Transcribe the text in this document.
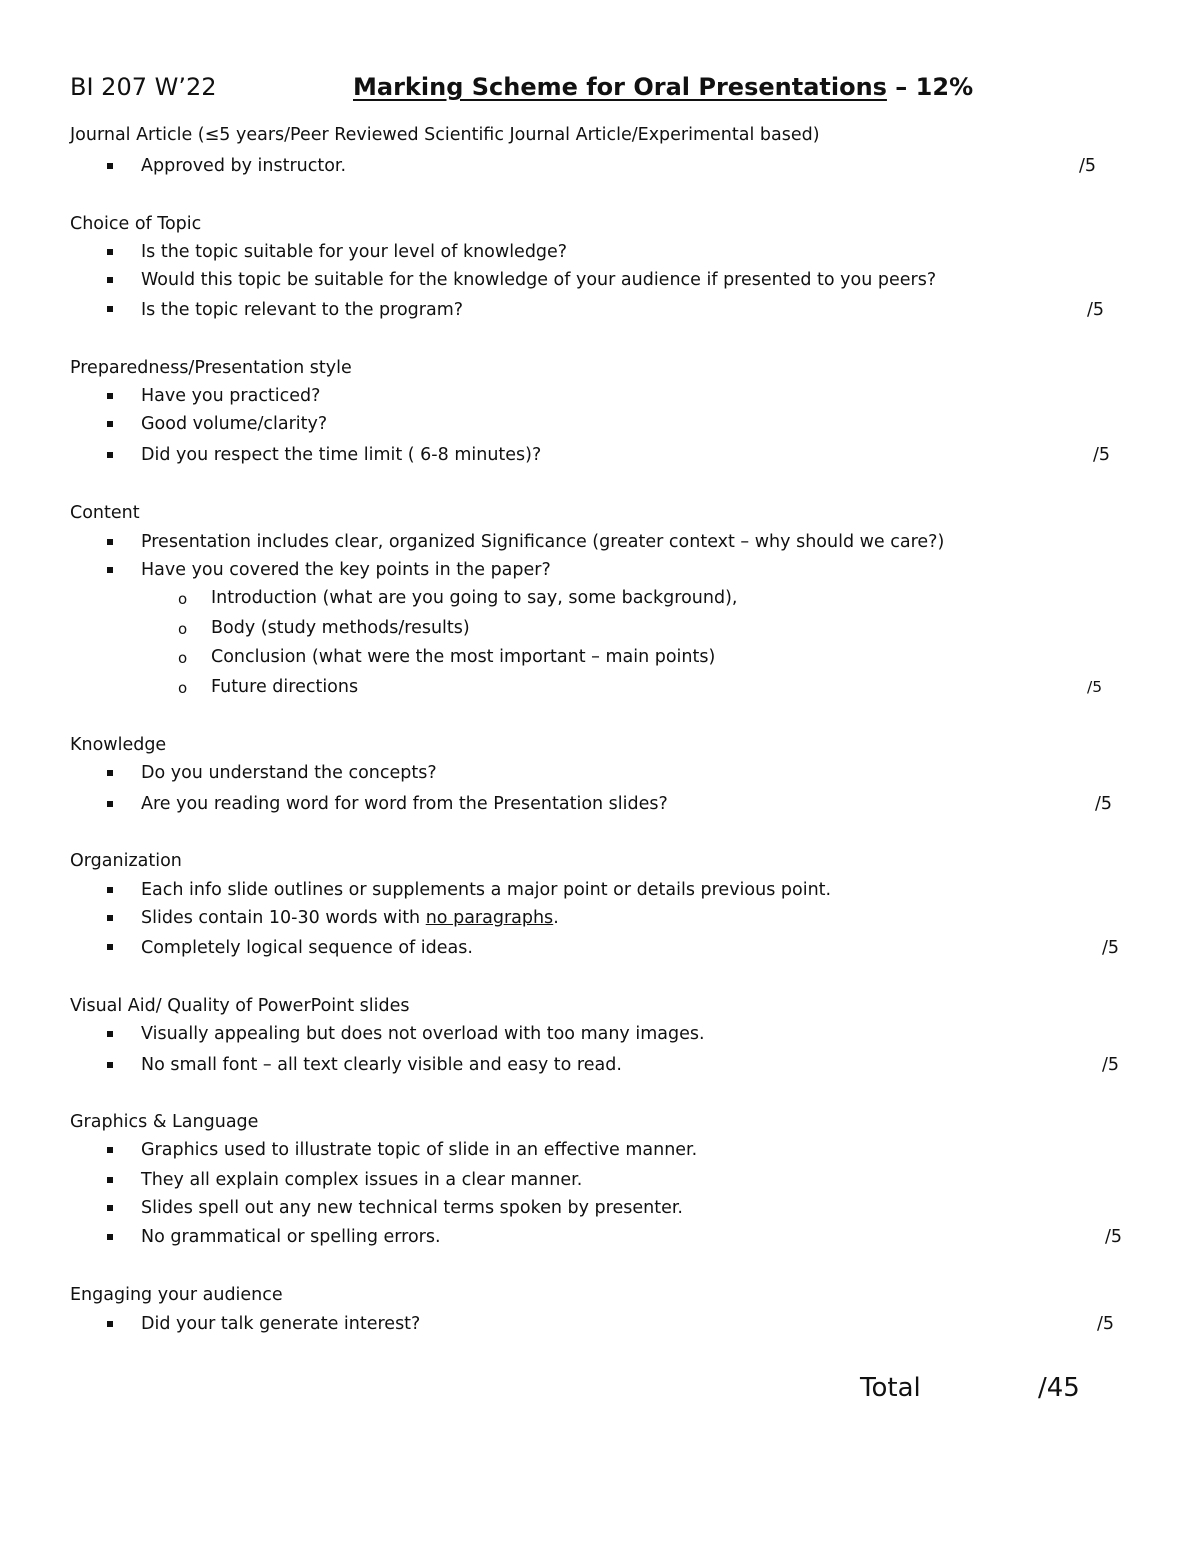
BI 207 W’22	Marking Scheme for Oral Presentations – 12%
Journal Article (≤5 years/Peer Reviewed Scientific Journal Article/Experimental based)
Approved by instructor.	/5
Choice of Topic
Is the topic suitable for your level of knowledge?
Would this topic be suitable for the knowledge of your audience if presented to you peers?
Is the topic relevant to the program?	/5
Preparedness/Presentation style
Have you practiced?
Good volume/clarity?
Did you respect the time limit ( 6-8 minutes)?	/5
Content
Presentation includes clear, organized Significance (greater context – why should we care?)
Have you covered the key points in the paper?
o Introduction (what are you going to say, some background),
o Body (study methods/results)
o Conclusion (what were the most important – main points)
o Future directions	/5
Knowledge
Do you understand the concepts?
Are you reading word for word from the Presentation slides?	/5
Organization
Each info slide outlines or supplements a major point or details previous point.
Slides contain 10-30 words with no paragraphs.
Completely logical sequence of ideas.	/5
Visual Aid/ Quality of PowerPoint slides
Visually appealing but does not overload with too many images.
No small font – all text clearly visible and easy to read.	/5
Graphics & Language
Graphics used to illustrate topic of slide in an effective manner.
They all explain complex issues in a clear manner.
Slides spell out any new technical terms spoken by presenter.
No grammatical or spelling errors.	/5
Engaging your audience
Did your talk generate interest?	/5
Total	/45
